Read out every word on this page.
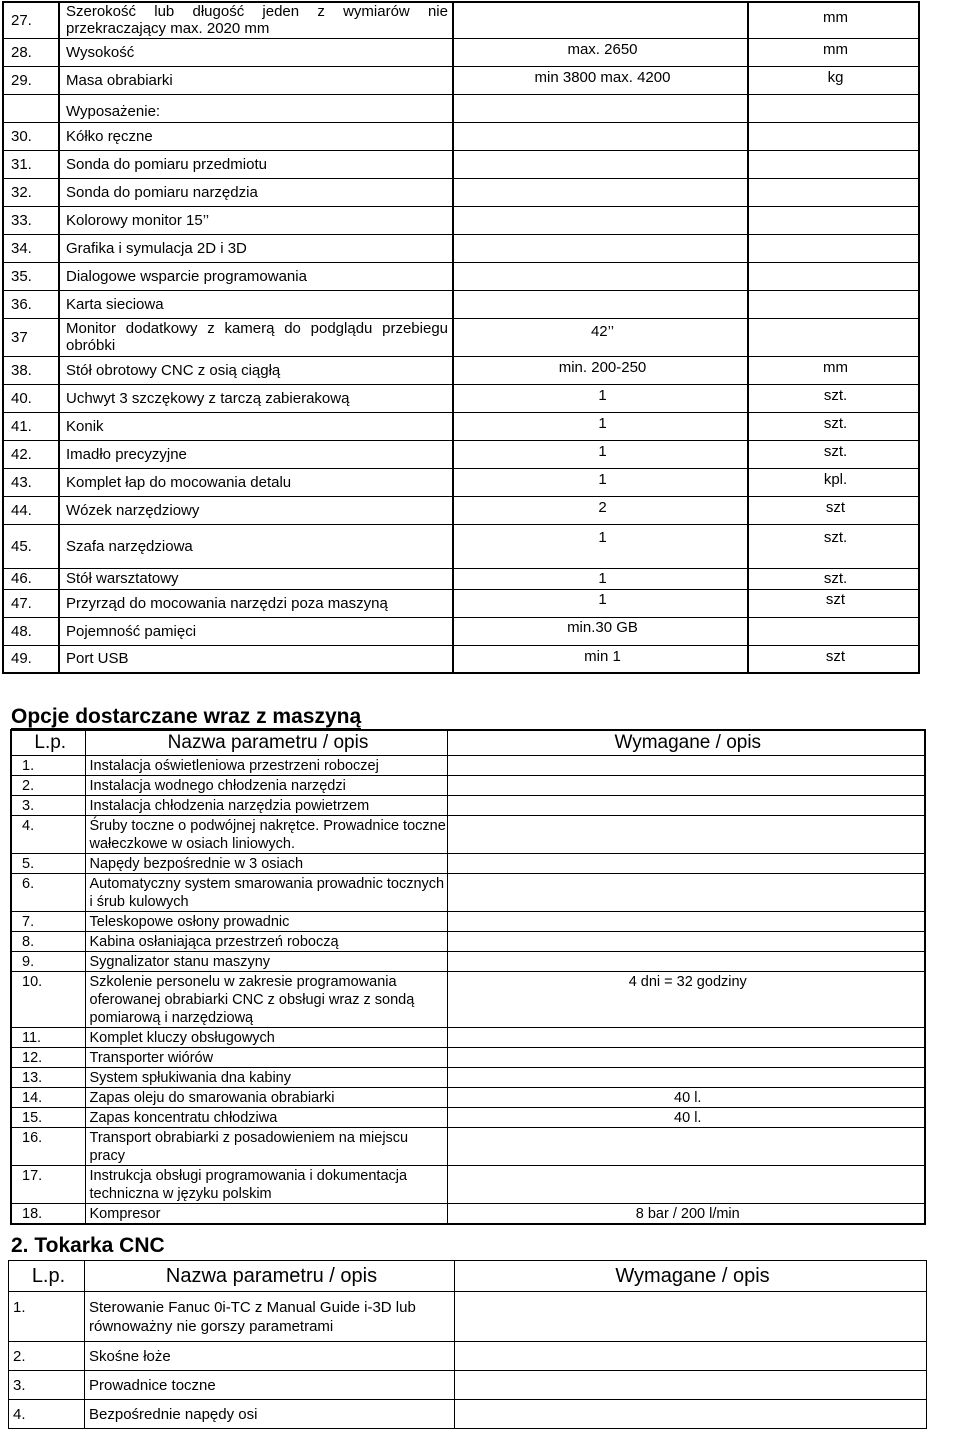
27.	Szerokość lub długość jeden z wymiarów nie przekraczający max. 2020 mm		mm
28.	Wysokość	max. 2650	mm
29.	Masa obrabiarki	min 3800 max. 4200	kg
	Wyposażenie:		
30.	Kółko ręczne		
31.	Sonda do pomiaru przedmiotu		
32.	Sonda do pomiaru narzędzia		
33.	Kolorowy monitor 15’’		
34.	Grafika i symulacja 2D i 3D		
35.	Dialogowe wsparcie programowania		
36.	Karta sieciowa		
37	Monitor dodatkowy z kamerą do podglądu przebiegu obróbki	42’’	
38.	Stół obrotowy CNC z osią ciągłą	min. 200-250	mm
40.	Uchwyt 3 szczękowy z tarczą zabierakową	1	szt.
41.	Konik	1	szt.
42.	Imadło precyzyjne	1	szt.
43.	Komplet łap do mocowania detalu	1	kpl.
44.	Wózek narzędziowy	2	szt
45.	Szafa narzędziowa	1	szt.
46.	Stół warsztatowy	1	szt.
47.	Przyrząd do mocowania narzędzi poza maszyną	1	szt
48.	Pojemność pamięci	min.30 GB	
49.	Port USB	min 1	szt
Opcje dostarczane wraz z maszyną
L.p.	Nazwa parametru / opis	Wymagane / opis
1.	Instalacja oświetleniowa przestrzeni roboczej	
2.	Instalacja wodnego chłodzenia narzędzi	
3.	Instalacja chłodzenia narzędzia powietrzem	
4.	Śruby toczne o podwójnej nakrętce. Prowadnice toczne wałeczkowe w osiach liniowych.	
5.	Napędy bezpośrednie w 3 osiach	
6.	Automatyczny system smarowania prowadnic tocznych i śrub kulowych	
7.	Teleskopowe osłony prowadnic	
8.	Kabina osłaniająca przestrzeń roboczą	
9.	Sygnalizator stanu maszyny	
10.	Szkolenie personelu w zakresie programowania oferowanej obrabiarki CNC z obsługi wraz z sondą pomiarową i narzędziową	4 dni = 32 godziny
11.	Komplet kluczy obsługowych	
12.	Transporter wiórów	
13.	System spłukiwania dna kabiny	
14.	Zapas oleju do smarowania obrabiarki	40 l.
15.	Zapas koncentratu chłodziwa	40 l.
16.	Transport obrabiarki z posadowieniem na miejscu pracy	
17.	Instrukcja obsługi programowania i dokumentacja techniczna w języku polskim	
18.	Kompresor	8 bar / 200 l/min
2. Tokarka CNC
L.p.	Nazwa parametru / opis	Wymagane / opis
1.	Sterowanie Fanuc 0i-TC z Manual Guide i-3D lub równoważny nie gorszy parametrami	
2.	Skośne łoże	
3.	Prowadnice toczne	
4.	Bezpośrednie napędy osi	
